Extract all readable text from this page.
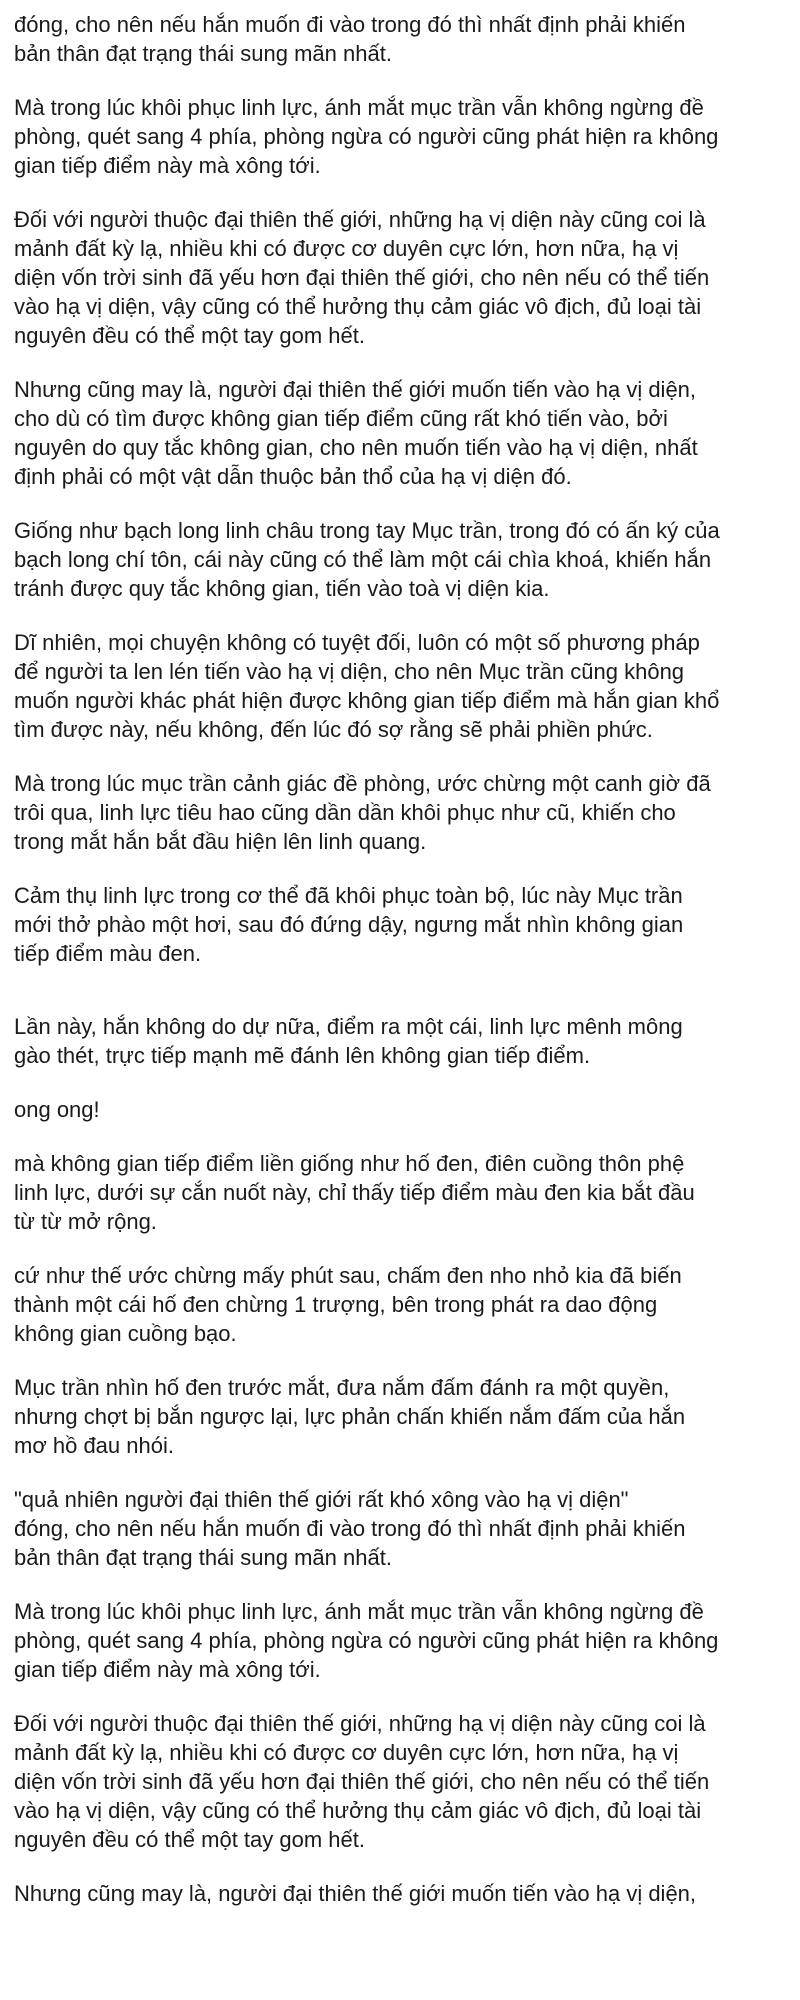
đóng, cho nên nếu hắn muốn đi vào trong đó thì nhất định phải khiến
bản thân đạt trạng thái sung mãn nhất.

Mà trong lúc khôi phục linh lực, ánh mắt mục trần vẫn không ngừng đề
phòng, quét sang 4 phía, phòng ngừa có người cũng phát hiện ra không
gian tiếp điểm này mà xông tới.

Đối với người thuộc đại thiên thế giới, những hạ vị diện này cũng coi là
mảnh đất kỳ lạ, nhiều khi có được cơ duyên cực lớn, hơn nữa, hạ vị
diện vốn trời sinh đã yếu hơn đại thiên thế giới, cho nên nếu có thể tiến
vào hạ vị diện, vậy cũng có thể hưởng thụ cảm giác vô địch, đủ loại tài
nguyên đều có thể một tay gom hết.

Nhưng cũng may là, người đại thiên thế giới muốn tiến vào hạ vị diện,
cho dù có tìm được không gian tiếp điểm cũng rất khó tiến vào, bởi
nguyên do quy tắc không gian, cho nên muốn tiến vào hạ vị diện, nhất
định phải có một vật dẫn thuộc bản thổ của hạ vị diện đó.

Giống như bạch long linh châu trong tay Mục trần, trong đó có ấn ký của
bạch long chí tôn, cái này cũng có thể làm một cái chìa khoá, khiến hắn
tránh được quy tắc không gian, tiến vào toà vị diện kia.

Dĩ nhiên, mọi chuyện không có tuyệt đối, luôn có một số phương pháp
để người ta len lén tiến vào hạ vị diện, cho nên Mục trần cũng không
muốn người khác phát hiện được không gian tiếp điểm mà hắn gian khổ
tìm được này, nếu không, đến lúc đó sợ rằng sẽ phải phiền phức.

Mà trong lúc mục trần cảnh giác đề phòng, ước chừng một canh giờ đã
trôi qua, linh lực tiêu hao cũng dần dần khôi phục như cũ, khiến cho
trong mắt hắn bắt đầu hiện lên linh quang.

Cảm thụ linh lực trong cơ thể đã khôi phục toàn bộ, lúc này Mục trần
mới thở phào một hơi, sau đó đứng dậy, ngưng mắt nhìn không gian
tiếp điểm màu đen.

Lần này, hắn không do dự nữa, điểm ra một cái, linh lực mênh mông
gào thét, trực tiếp mạnh mẽ đánh lên không gian tiếp điểm.

ong ong!

mà không gian tiếp điểm liền giống như hố đen, điên cuồng thôn phệ
linh lực, dưới sự cắn nuốt này, chỉ thấy tiếp điểm màu đen kia bắt đầu
từ từ mở rộng.

cứ như thế ước chừng mấy phút sau, chấm đen nho nhỏ kia đã biến
thành một cái hố đen chừng 1 trượng, bên trong phát ra dao động
không gian cuồng bạo.

Mục trần nhìn hố đen trước mắt, đưa nắm đấm đánh ra một quyền,
nhưng chợt bị bắn ngược lại, lực phản chấn khiến nắm đấm của hắn
mơ hồ đau nhói.

"quả nhiên người đại thiên thế giới rất khó xông vào hạ vị diện"
đóng, cho nên nếu hắn muốn đi vào trong đó thì nhất định phải khiến
bản thân đạt trạng thái sung mãn nhất.

Mà trong lúc khôi phục linh lực, ánh mắt mục trần vẫn không ngừng đề
phòng, quét sang 4 phía, phòng ngừa có người cũng phát hiện ra không
gian tiếp điểm này mà xông tới.

Đối với người thuộc đại thiên thế giới, những hạ vị diện này cũng coi là
mảnh đất kỳ lạ, nhiều khi có được cơ duyên cực lớn, hơn nữa, hạ vị
diện vốn trời sinh đã yếu hơn đại thiên thế giới, cho nên nếu có thể tiến
vào hạ vị diện, vậy cũng có thể hưởng thụ cảm giác vô địch, đủ loại tài
nguyên đều có thể một tay gom hết.

Nhưng cũng may là, người đại thiên thế giới muốn tiến vào hạ vị diện,
